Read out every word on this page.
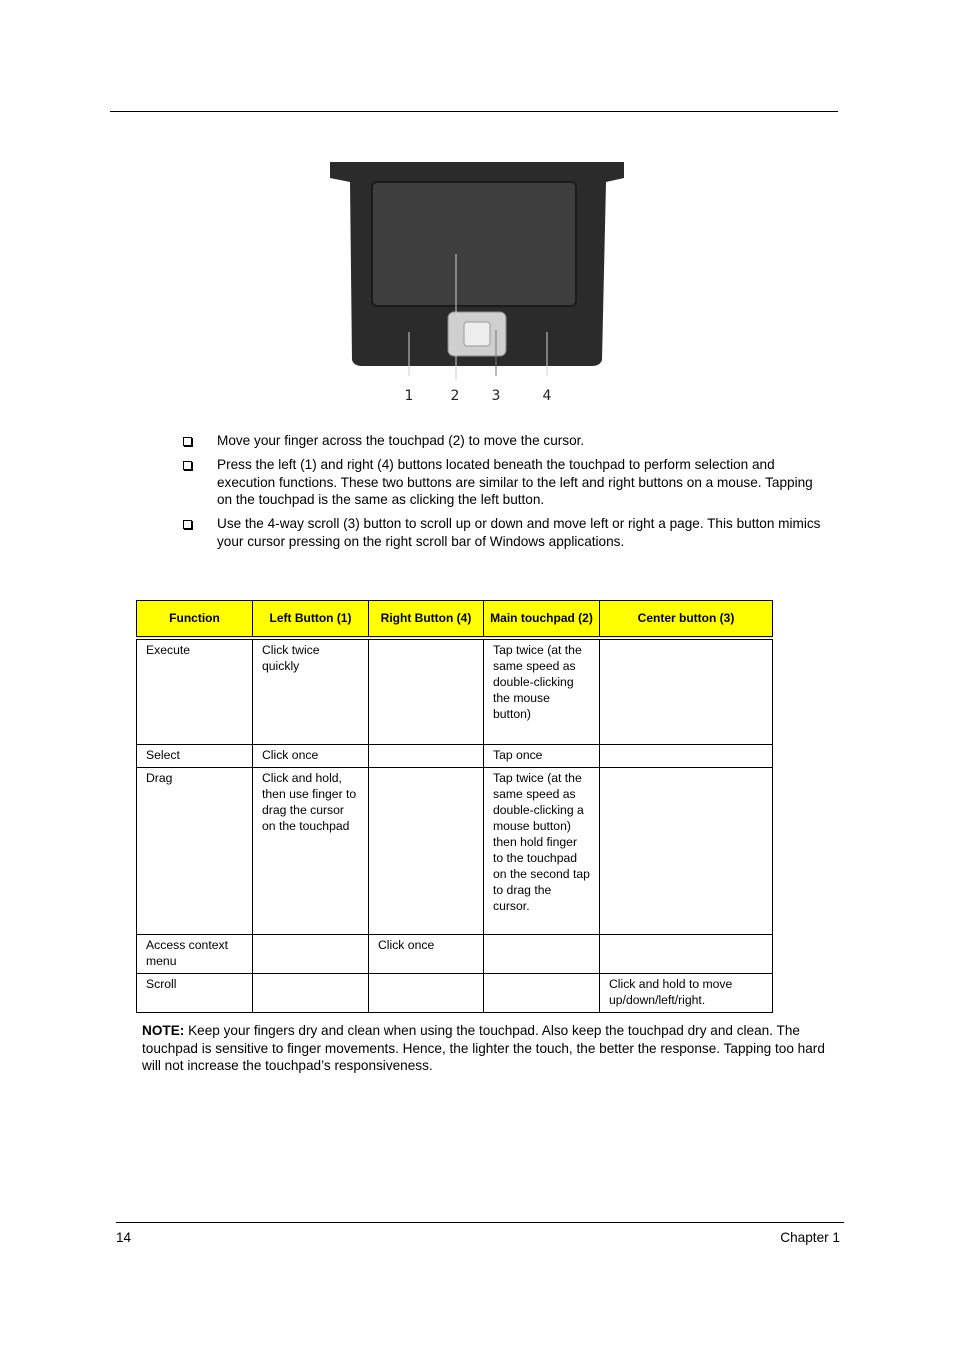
1	2 3	4
Move your finger across the touchpad (2) to move the cursor.
Press the left (1) and right (4) buttons located beneath the touchpad to perform selection and execution functions. These two buttons are similar to the left and right buttons on a mouse. Tapping on the touchpad is the same as clicking the left button.
Use the 4-way scroll (3) button to scroll up or down and move left or right a page. This button mimics your cursor pressing on the right scroll bar of Windows applications.
Function	Left Button (1)	Right Button (4)	Main touchpad (2)	Center button (3)
Execute	Click twice quickly		Tap twice (at the same speed as double-clicking the mouse button)	
Select	Click once		Tap once	
Drag	Click and hold, then use finger to drag the cursor on the touchpad		Tap twice (at the same speed as double-clicking a mouse button) then hold finger to the touchpad on the second tap to drag the cursor.	
Access context menu		Click once		
Scroll				Click and hold to move up/down/left/right.
NOTE: Keep your fingers dry and clean when using the touchpad. Also keep the touchpad dry and clean. The touchpad is sensitive to finger movements. Hence, the lighter the touch, the better the response. Tapping too hard will not increase the touchpad’s responsiveness.
14	Chapter 1
